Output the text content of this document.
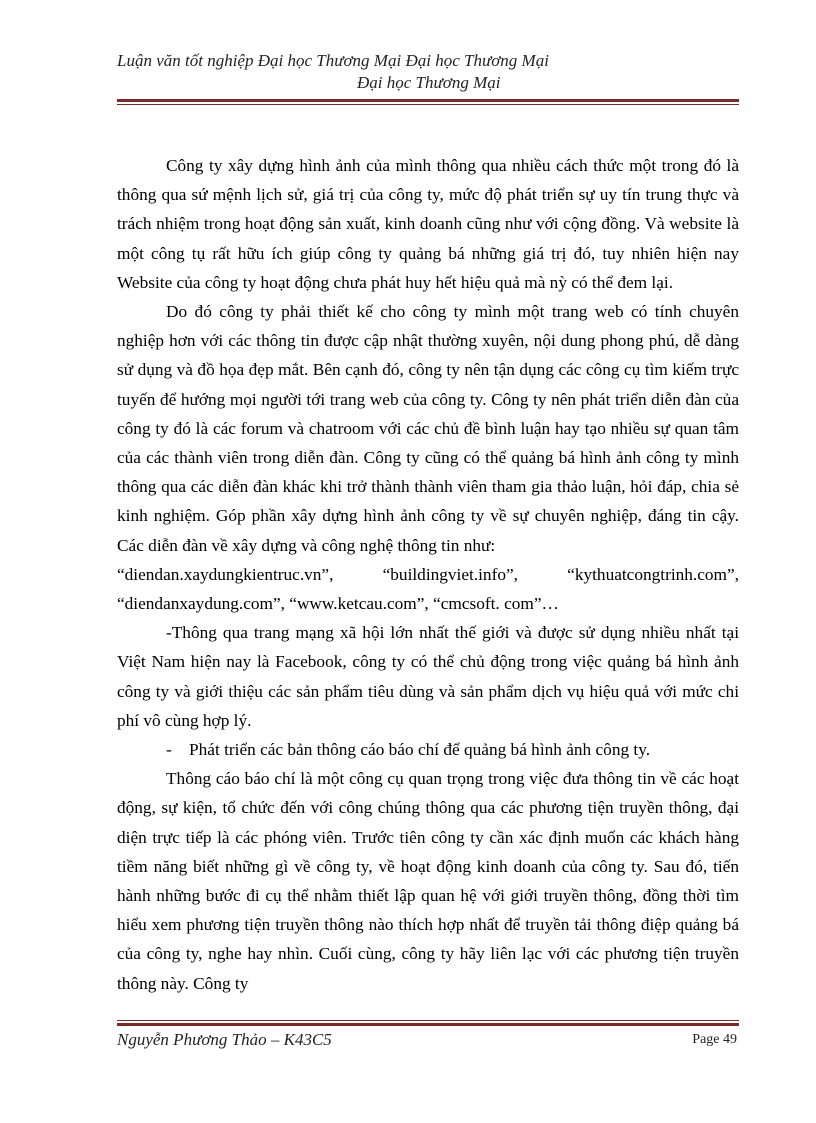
Luận văn tốt nghiệp Đại học Thương Mại Đại học Thương Mại
Đại học Thương Mại

Công ty xây dựng hình ảnh của mình thông qua nhiều cách thức một trong đó là thông qua sứ mệnh lịch sử, giá trị của công ty, mức độ phát triển sự uy tín trung thực và trách nhiệm trong hoạt động sản xuất, kinh doanh cũng như với cộng đồng. Và website là một công tụ rất hữu ích giúp công ty quảng bá những giá trị đó, tuy nhiên hiện nay Website của công ty hoạt động chưa phát huy hết hiệu quả mà nỳ có thể đem lại.

Do đó công ty phải thiết kế cho công ty mình một trang web có tính chuyên nghiệp hơn với các thông tin được cập nhật thường xuyên, nội dung phong phú, dễ dàng sử dụng và đồ họa đẹp mắt. Bên cạnh đó, công ty nên tận dụng các công cụ tìm kiếm trực tuyến để hướng mọi người tới trang web của công ty. Công ty nên phát triển diễn đàn của công ty đó là các forum và chatroom với các chủ đề bình luận hay tạo nhiều sự quan tâm của các thành viên trong diễn đàn. Công ty cũng có thể quảng bá hình ảnh công ty mình thông qua các diễn đàn khác khi trở thành thành viên tham gia thảo luận, hỏi đáp, chia sẻ kinh nghiệm. Góp phần xây dựng hình ảnh công ty về sự chuyên nghiệp, đáng tin cậy. Các diễn đàn về xây dựng và công nghệ thông tin như:

“diendan.xaydungkientruc.vn”,	“buildingviet.info”,	“kythuatcongtrinh.com”,

“diendanxaydung.com”, “www.ketcau.com”, “cmcsoft. com”…

-Thông qua trang mạng xã hội lớn nhất thế giới và được sử dụng nhiều nhất tại Việt Nam hiện nay là Facebook, công ty có thể chủ động trong việc quảng bá hình ảnh công ty và giới thiệu các sản phẩm tiêu dùng và sản phẩm dịch vụ hiệu quả với mức chi phí vô cùng hợp lý.

- Phát triển các bản thông cáo báo chí để quảng bá hình ảnh công ty.

Thông cáo báo chí là một công cụ quan trọng trong việc đưa thông tin về các hoạt động, sự kiện, tổ chức đến với công chúng thông qua các phương tiện truyền thông, đại diện trực tiếp là các phóng viên. Trước tiên công ty cần xác định muốn các khách hàng tiềm năng biết những gì về công ty, về hoạt động kinh doanh của công ty. Sau đó, tiến hành những bước đi cụ thể nhằm thiết lập quan hệ với giới truyền thông, đồng thời tìm hiểu xem phương tiện truyền thông nào thích hợp nhất để truyền tải thông điệp quảng bá của công ty, nghe hay nhìn. Cuối cùng, công ty hãy liên lạc với các phương tiện truyền thông này. Công ty

Nguyễn Phương Thảo – K43C5	Page 49
